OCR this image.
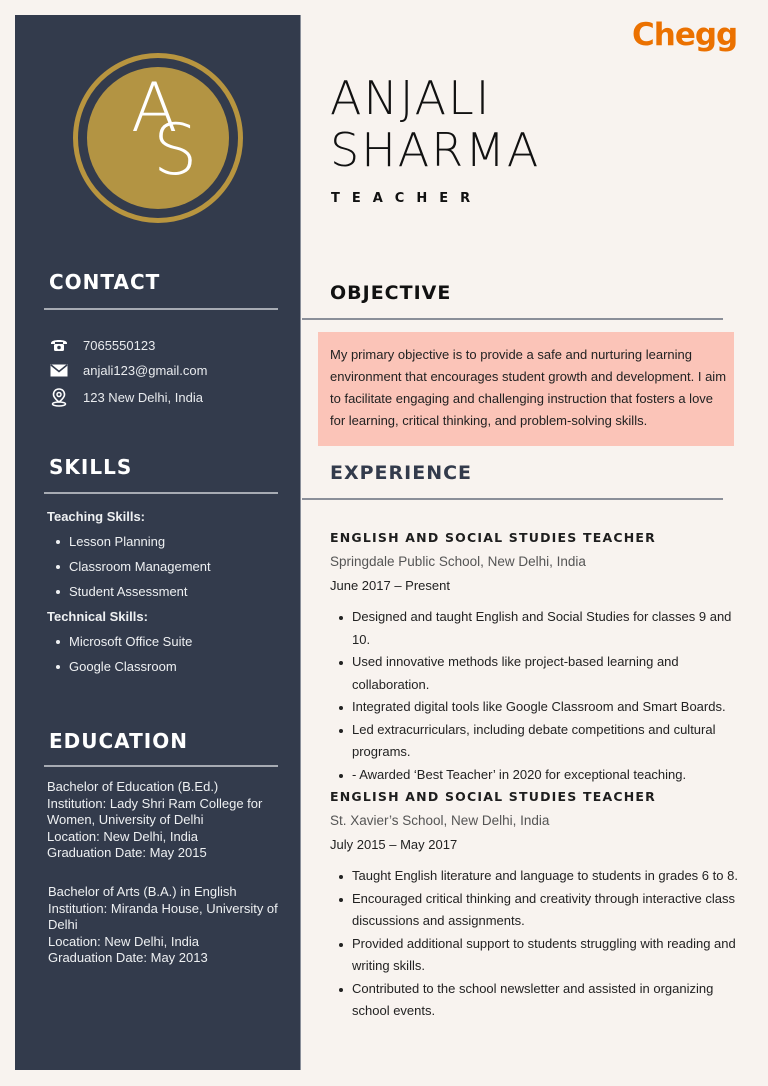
A
S
CONTACT
7065550123
anjali123@gmail.com
123 New Delhi, India
SKILLS
Teaching Skills:
Lesson Planning
Classroom Management
Student Assessment
Technical Skills:
Microsoft Office Suite
Google Classroom
EDUCATION
Bachelor of Education (B.Ed.)
Institution: Lady Shri Ram College for Women, University of Delhi
Location: New Delhi, India
Graduation Date: May 2015
Bachelor of Arts (B.A.) in English
Institution: Miranda House, University of Delhi
Location: New Delhi, India
Graduation Date: May 2013
Chegg
ANJALI
SHARMA
TEACHER
OBJECTIVE
My primary objective is to provide a safe and nurturing learning environment that encourages student growth and development. I aim to facilitate engaging and challenging instruction that fosters a love for learning, critical thinking, and problem-solving skills.
EXPERIENCE
ENGLISH AND SOCIAL STUDIES TEACHER
Springdale Public School, New Delhi, India
June 2017 – Present
Designed and taught English and Social Studies for classes 9 and 10.
Used innovative methods like project-based learning and collaboration.
Integrated digital tools like Google Classroom and Smart Boards.
Led extracurriculars, including debate competitions and cultural programs.
- Awarded ‘Best Teacher’ in 2020 for exceptional teaching.
ENGLISH AND SOCIAL STUDIES TEACHER
St. Xavier’s School, New Delhi, India
July 2015 – May 2017
Taught English literature and language to students in grades 6 to 8.
Encouraged critical thinking and creativity through interactive class discussions and assignments.
Provided additional support to students struggling with reading and writing skills.
Contributed to the school newsletter and assisted in organizing school events.
